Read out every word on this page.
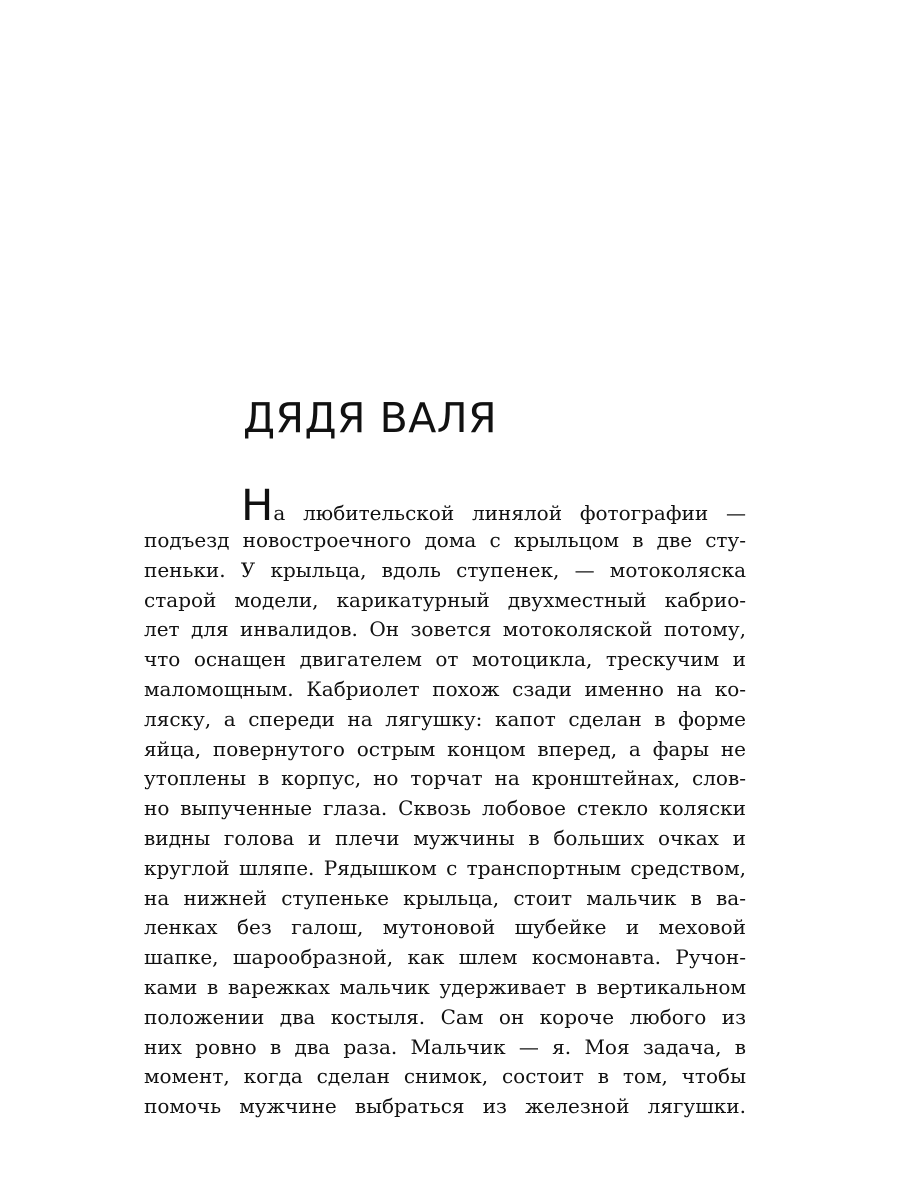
ДЯДЯ ВАЛЯ
На любительской линялой фотографии —
подъезд новостроечного дома с крыльцом в две сту-
пеньки. У крыльца, вдоль ступенек, — мотоколяска
старой модели, карикатурный двухместный кабрио-
лет для инвалидов. Он зовется мотоколяской потому,
что оснащен двигателем от мотоцикла, трескучим и
маломощным. Кабриолет похож сзади именно на ко-
ляску, а спереди на лягушку: капот сделан в форме
яйца, повернутого острым концом вперед, а фары не
утоплены в корпус, но торчат на кронштейнах, слов-
но выпученные глаза. Сквозь лобовое стекло коляски
видны голова и плечи мужчины в больших очках и
круглой шляпе. Рядышком с транспортным средством,
на нижней ступеньке крыльца, стоит мальчик в ва-
ленках без галош, мутоновой шубейке и меховой
шапке, шарообразной, как шлем космонавта. Ручон-
ками в варежках мальчик удерживает в вертикальном
положении два костыля. Сам он короче любого из
них ровно в два раза. Мальчик — я. Моя задача, в
момент, когда сделан снимок, состоит в том, чтобы
помочь мужчине выбраться из железной лягушки.
